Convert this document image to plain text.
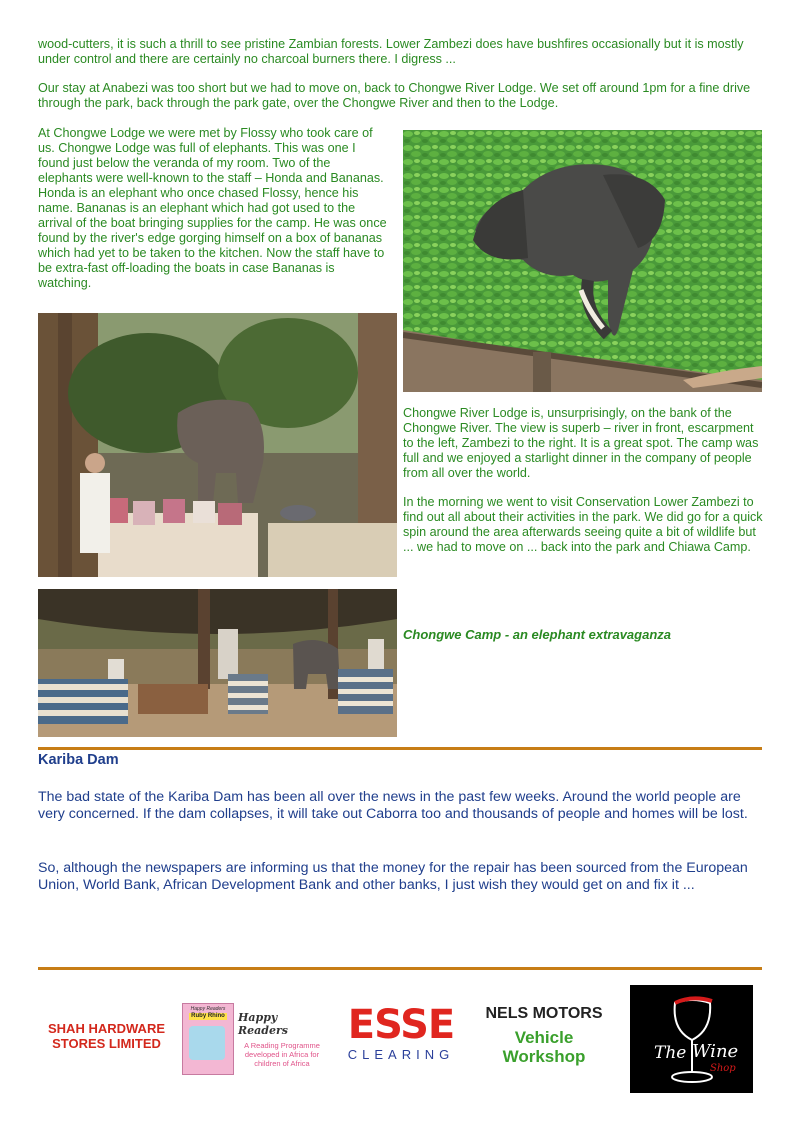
wood-cutters, it is such a thrill to see pristine Zambian forests. Lower Zambezi does have bushfires occasionally but it is mostly under control and there are certainly no charcoal burners there. I digress ...

Our stay at Anabezi was too short but we had to move on, back to Chongwe River Lodge. We set off around 1pm for a fine drive through the park, back through the park gate, over the Chongwe River and then to the Lodge.

At Chongwe Lodge we were met by Flossy who took care of us. Chongwe Lodge was full of elephants. This was one I found just below the veranda of my room. Two of the elephants were well-known to the staff – Honda and Bananas. Honda is an elephant who once chased Flossy, hence his name. Bananas is an elephant which had got used to the arrival of the boat bringing supplies for the camp. He was once found by the river's edge gorging himself on a box of bananas which had yet to be taken to the kitchen. Now the staff have to be extra-fast off-loading the boats in case Bananas is watching.

Chongwe River Lodge is, unsurprisingly, on the bank of the Chongwe River. The view is superb – river in front, escarpment to the left, Zambezi to the right. It is a great spot. The camp was full and we enjoyed a starlight dinner in the company of people from all over the world.

In the morning we went to visit Conservation Lower Zambezi to find out all about their activities in the park. We did go for a quick spin around the area afterwards seeing quite a bit of wildlife but ... we had to move on ... back into the park and Chiawa Camp.

Chongwe Camp - an elephant extravaganza

Kariba Dam

The bad state of the Kariba Dam has been all over the news in the past few weeks. Around the world people are very concerned. If the dam collapses, it will take out Caborra too and thousands of people and homes will be lost.

So, although the newspapers are informing us that the money for the repair has been sourced from the European Union, World Bank, African Development Bank and other banks, I just wish they would get on and fix it ...

SHAH HARDWARE STORES LIMITED
Happy Readers
Ruby Rhino Happy Readers
A Reading Programme developed in Africa for children of Africa
ESSE
CLEARING
NELS MOTORS
Vehicle
Workshop	The Wine
Shop
